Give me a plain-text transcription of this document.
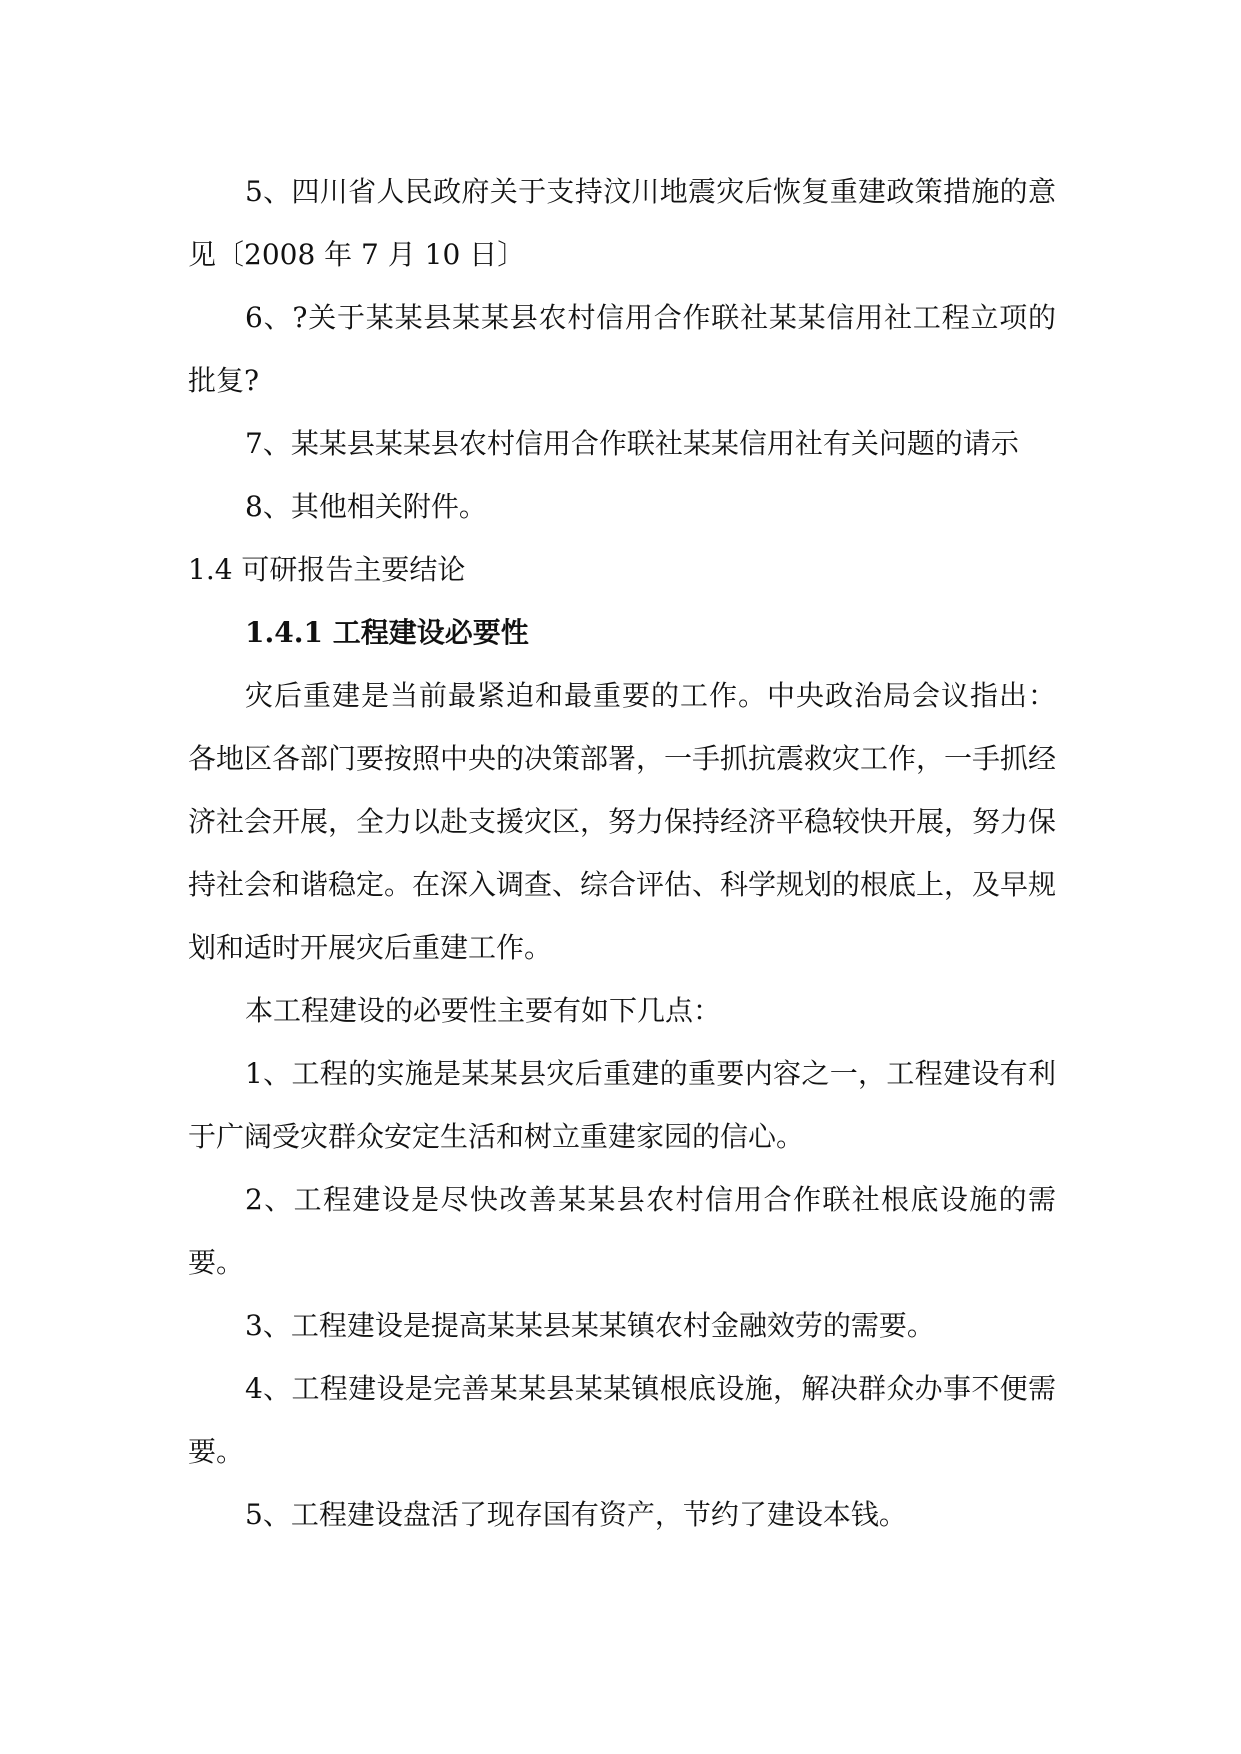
5、四川省人民政府关于支持汶川地震灾后恢复重建政策措施的意见〔2008 年 7 月 10 日〕

6、?关于某某县某某县农村信用合作联社某某信用社工程立项的批复?

7、某某县某某县农村信用合作联社某某信用社有关问题的请示

8、其他相关附件。

1.4 可研报告主要结论

1.4.1 工程建设必要性

灾后重建是当前最紧迫和最重要的工作。中央政治局会议指出：各地区各部门要按照中央的决策部署，一手抓抗震救灾工作，一手抓经济社会开展，全力以赴支援灾区，努力保持经济平稳较快开展，努力保持社会和谐稳定。在深入调查、综合评估、科学规划的根底上，及早规划和适时开展灾后重建工作。

本工程建设的必要性主要有如下几点：

1、工程的实施是某某县灾后重建的重要内容之一，工程建设有利于广阔受灾群众安定生活和树立重建家园的信心。

2、工程建设是尽快改善某某县农村信用合作联社根底设施的需要。

3、工程建设是提高某某县某某镇农村金融效劳的需要。

4、工程建设是完善某某县某某镇根底设施，解决群众办事不便需要。

5、工程建设盘活了现存国有资产，节约了建设本钱。
